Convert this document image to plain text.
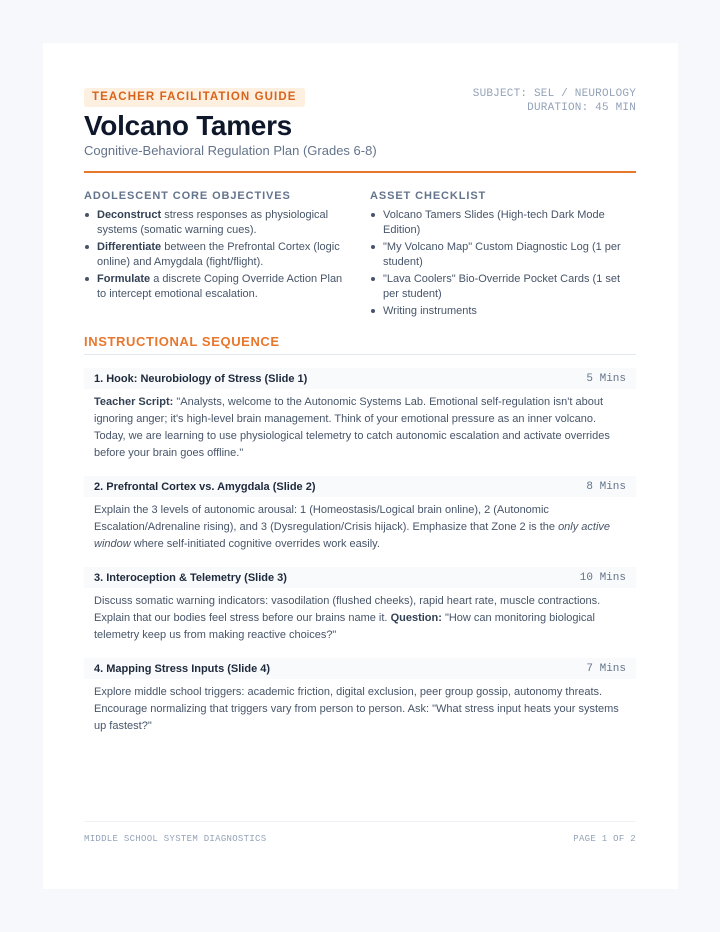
TEACHER FACILITATION GUIDE	SUBJECT: SEL / NEUROLOGY
DURATION: 45 MIN
Volcano Tamers
Cognitive-Behavioral Regulation Plan (Grades 6-8)
ADOLESCENT CORE OBJECTIVES
Deconstruct stress responses as physiological systems (somatic warning cues).
Differentiate between the Prefrontal Cortex (logic online) and Amygdala (fight/flight).
Formulate a discrete Coping Override Action Plan to intercept emotional escalation.
ASSET CHECKLIST
Volcano Tamers Slides (High-tech Dark Mode Edition)
"My Volcano Map" Custom Diagnostic Log (1 per student)
"Lava Coolers" Bio-Override Pocket Cards (1 set per student)
Writing instruments
INSTRUCTIONAL SEQUENCE
1. Hook: Neurobiology of Stress (Slide 1)	5 Mins

Teacher Script: "Analysts, welcome to the Autonomic Systems Lab. Emotional self-regulation isn't about ignoring anger; it's high-level brain management. Think of your emotional pressure as an inner volcano. Today, we are learning to use physiological telemetry to catch autonomic escalation and activate overrides before your brain goes offline."

2. Prefrontal Cortex vs. Amygdala (Slide 2)	8 Mins

Explain the 3 levels of autonomic arousal: 1 (Homeostasis/Logical brain online), 2 (Autonomic Escalation/Adrenaline rising), and 3 (Dysregulation/Crisis hijack). Emphasize that Zone 2 is the only active window where self-initiated cognitive overrides work easily.

3. Interoception & Telemetry (Slide 3)	10 Mins

Discuss somatic warning indicators: vasodilation (flushed cheeks), rapid heart rate, muscle contractions. Explain that our bodies feel stress before our brains name it. Question: "How can monitoring biological telemetry keep us from making reactive choices?"

4. Mapping Stress Inputs (Slide 4)	7 Mins

Explore middle school triggers: academic friction, digital exclusion, peer group gossip, autonomy threats. Encourage normalizing that triggers vary from person to person. Ask: "What stress input heats your systems up fastest?"

MIDDLE SCHOOL SYSTEM DIAGNOSTICS	PAGE 1 OF 2
